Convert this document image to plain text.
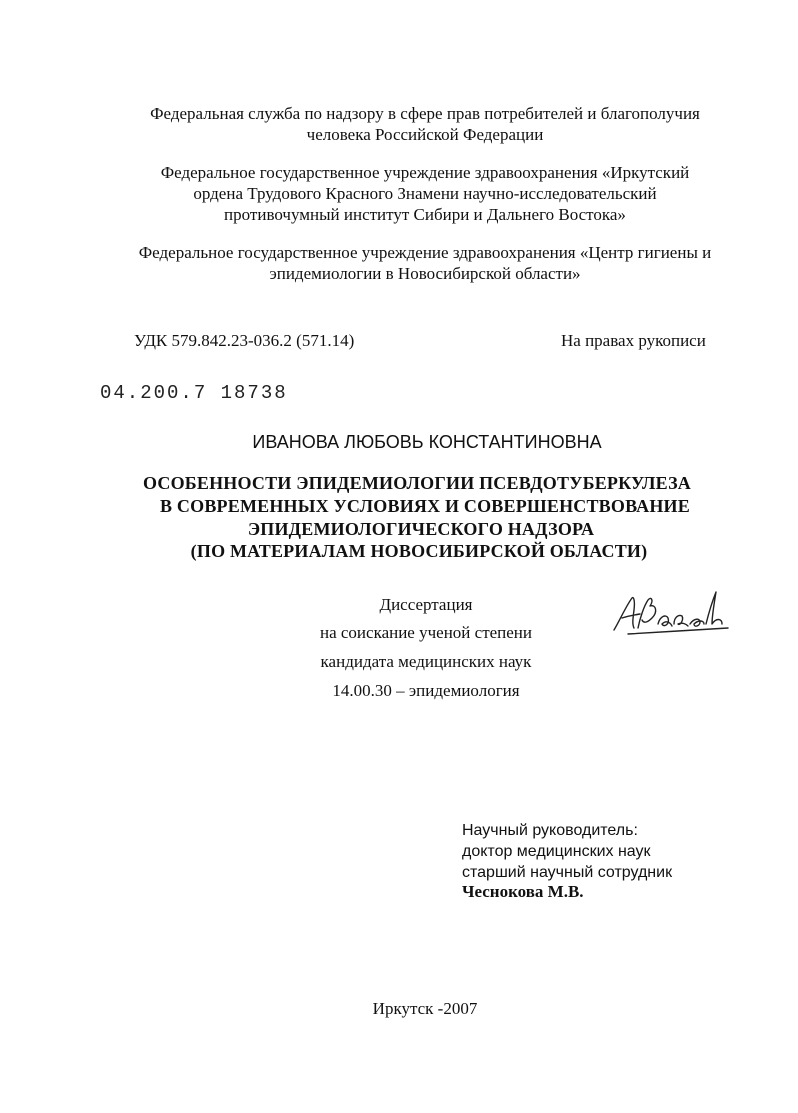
Федеральная служба по надзору в сфере прав потребителей и благополучия
человека Российской Федерации
Федеральное государственное учреждение здравоохранения «Иркутский
ордена Трудового Красного Знамени научно-исследовательский
противочумный институт Сибири и Дальнего Востока»
Федеральное государственное учреждение здравоохранения «Центр гигиены и
эпидемиологии в Новосибирской области»
УДК 579.842.23-036.2 (571.14)	На правах рукописи
04.200.7 18738
ИВАНОВА ЛЮБОВЬ КОНСТАНТИНОВНА
ОСОБЕННОСТИ ЭПИДЕМИОЛОГИИ ПСЕВДОТУБЕРКУЛЕЗА
В СОВРЕМЕННЫХ УСЛОВИЯХ И СОВЕРШЕНСТВОВАНИЕ
ЭПИДЕМИОЛОГИЧЕСКОГО НАДЗОРА
(ПО МАТЕРИАЛАМ НОВОСИБИРСКОЙ ОБЛАСТИ)
Диссертация
на соискание ученой степени
кандидата медицинских наук
14.00.30 – эпидемиология
Научный руководитель:
доктор медицинских наук
старший научный сотрудник
Чеснокова М.В.
Иркутск -2007
